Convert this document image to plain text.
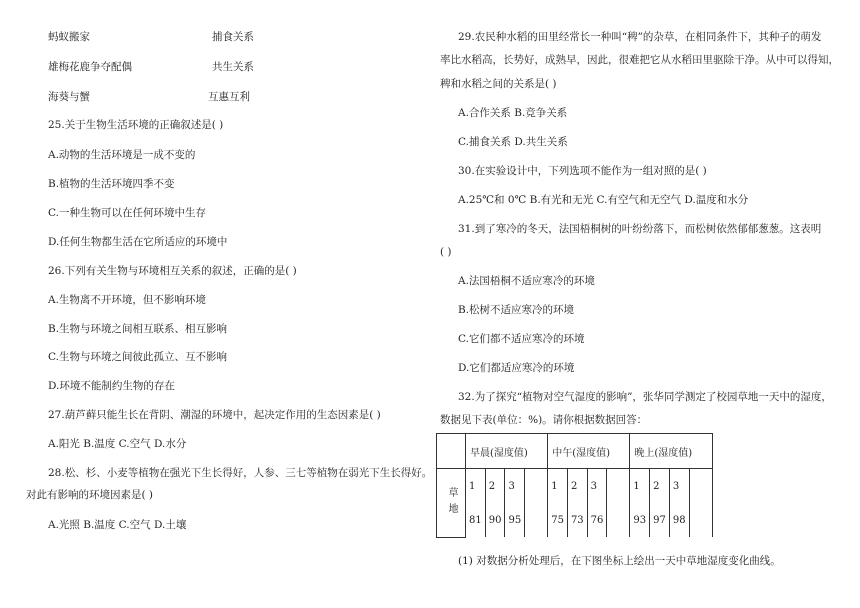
蚂蚁搬家	捕食关系
雄梅花鹿争夺配偶	共生关系
海葵与蟹	互惠互利
25.关于生物生活环境的正确叙述是( )
A.动物的生活环境是一成不变的
B.植物的生活环境四季不变
C.一种生物可以在任何环境中生存
D.任何生物都生活在它所适应的环境中
26.下列有关生物与环境相互关系的叙述，正确的是( )
A.生物离不开环境，但不影响环境
B.生物与环境之间相互联系、相互影响
C.生物与环境之间彼此孤立、互不影响
D.环境不能制约生物的存在
27.葫芦藓只能生长在背阴、潮湿的环境中，起决定作用的生态因素是( )
A.阳光 B.温度 C.空气 D.水分
28.松、杉、小麦等植物在强光下生长得好，人参、三七等植物在弱光下生长得好。
对此有影响的环境因素是( )
A.光照 B.温度 C.空气 D.土壤
29.农民种水稻的田里经常长一种叫“稗”的杂草，在相同条件下，其种子的萌发
率比水稻高，长势好，成熟早，因此，很难把它从水稻田里驱除干净。从中可以得知，
稗和水稻之间的关系是( )
A.合作关系 B.竞争关系
C.捕食关系 D.共生关系
30.在实验设计中，下列选项不能作为一组对照的是( )
A.25℃和 0℃ B.有光和无光 C.有空气和无空气 D.温度和水分
31.到了寒冷的冬天，法国梧桐树的叶纷纷落下，而松树依然郁郁葱葱。这表明
( )
A.法国梧桐不适应寒冷的环境
B.松树不适应寒冷的环境
C.它们都不适应寒冷的环境
D.它们都适应寒冷的环境
32.为了探究“植物对空气湿度的影响”，张华同学测定了校园草地一天中的湿度，
数据见下表(单位：%)。请你根据数据回答：
	早晨(湿度值)				中午(湿度值)				晚上(湿度值)			
草地	1	2	3		1	2	3		1	2	3	
	81	90	95		75	73	76		93	97	98	
(1) 对数据分析处理后，在下图坐标上绘出一天中草地湿度变化曲线。
